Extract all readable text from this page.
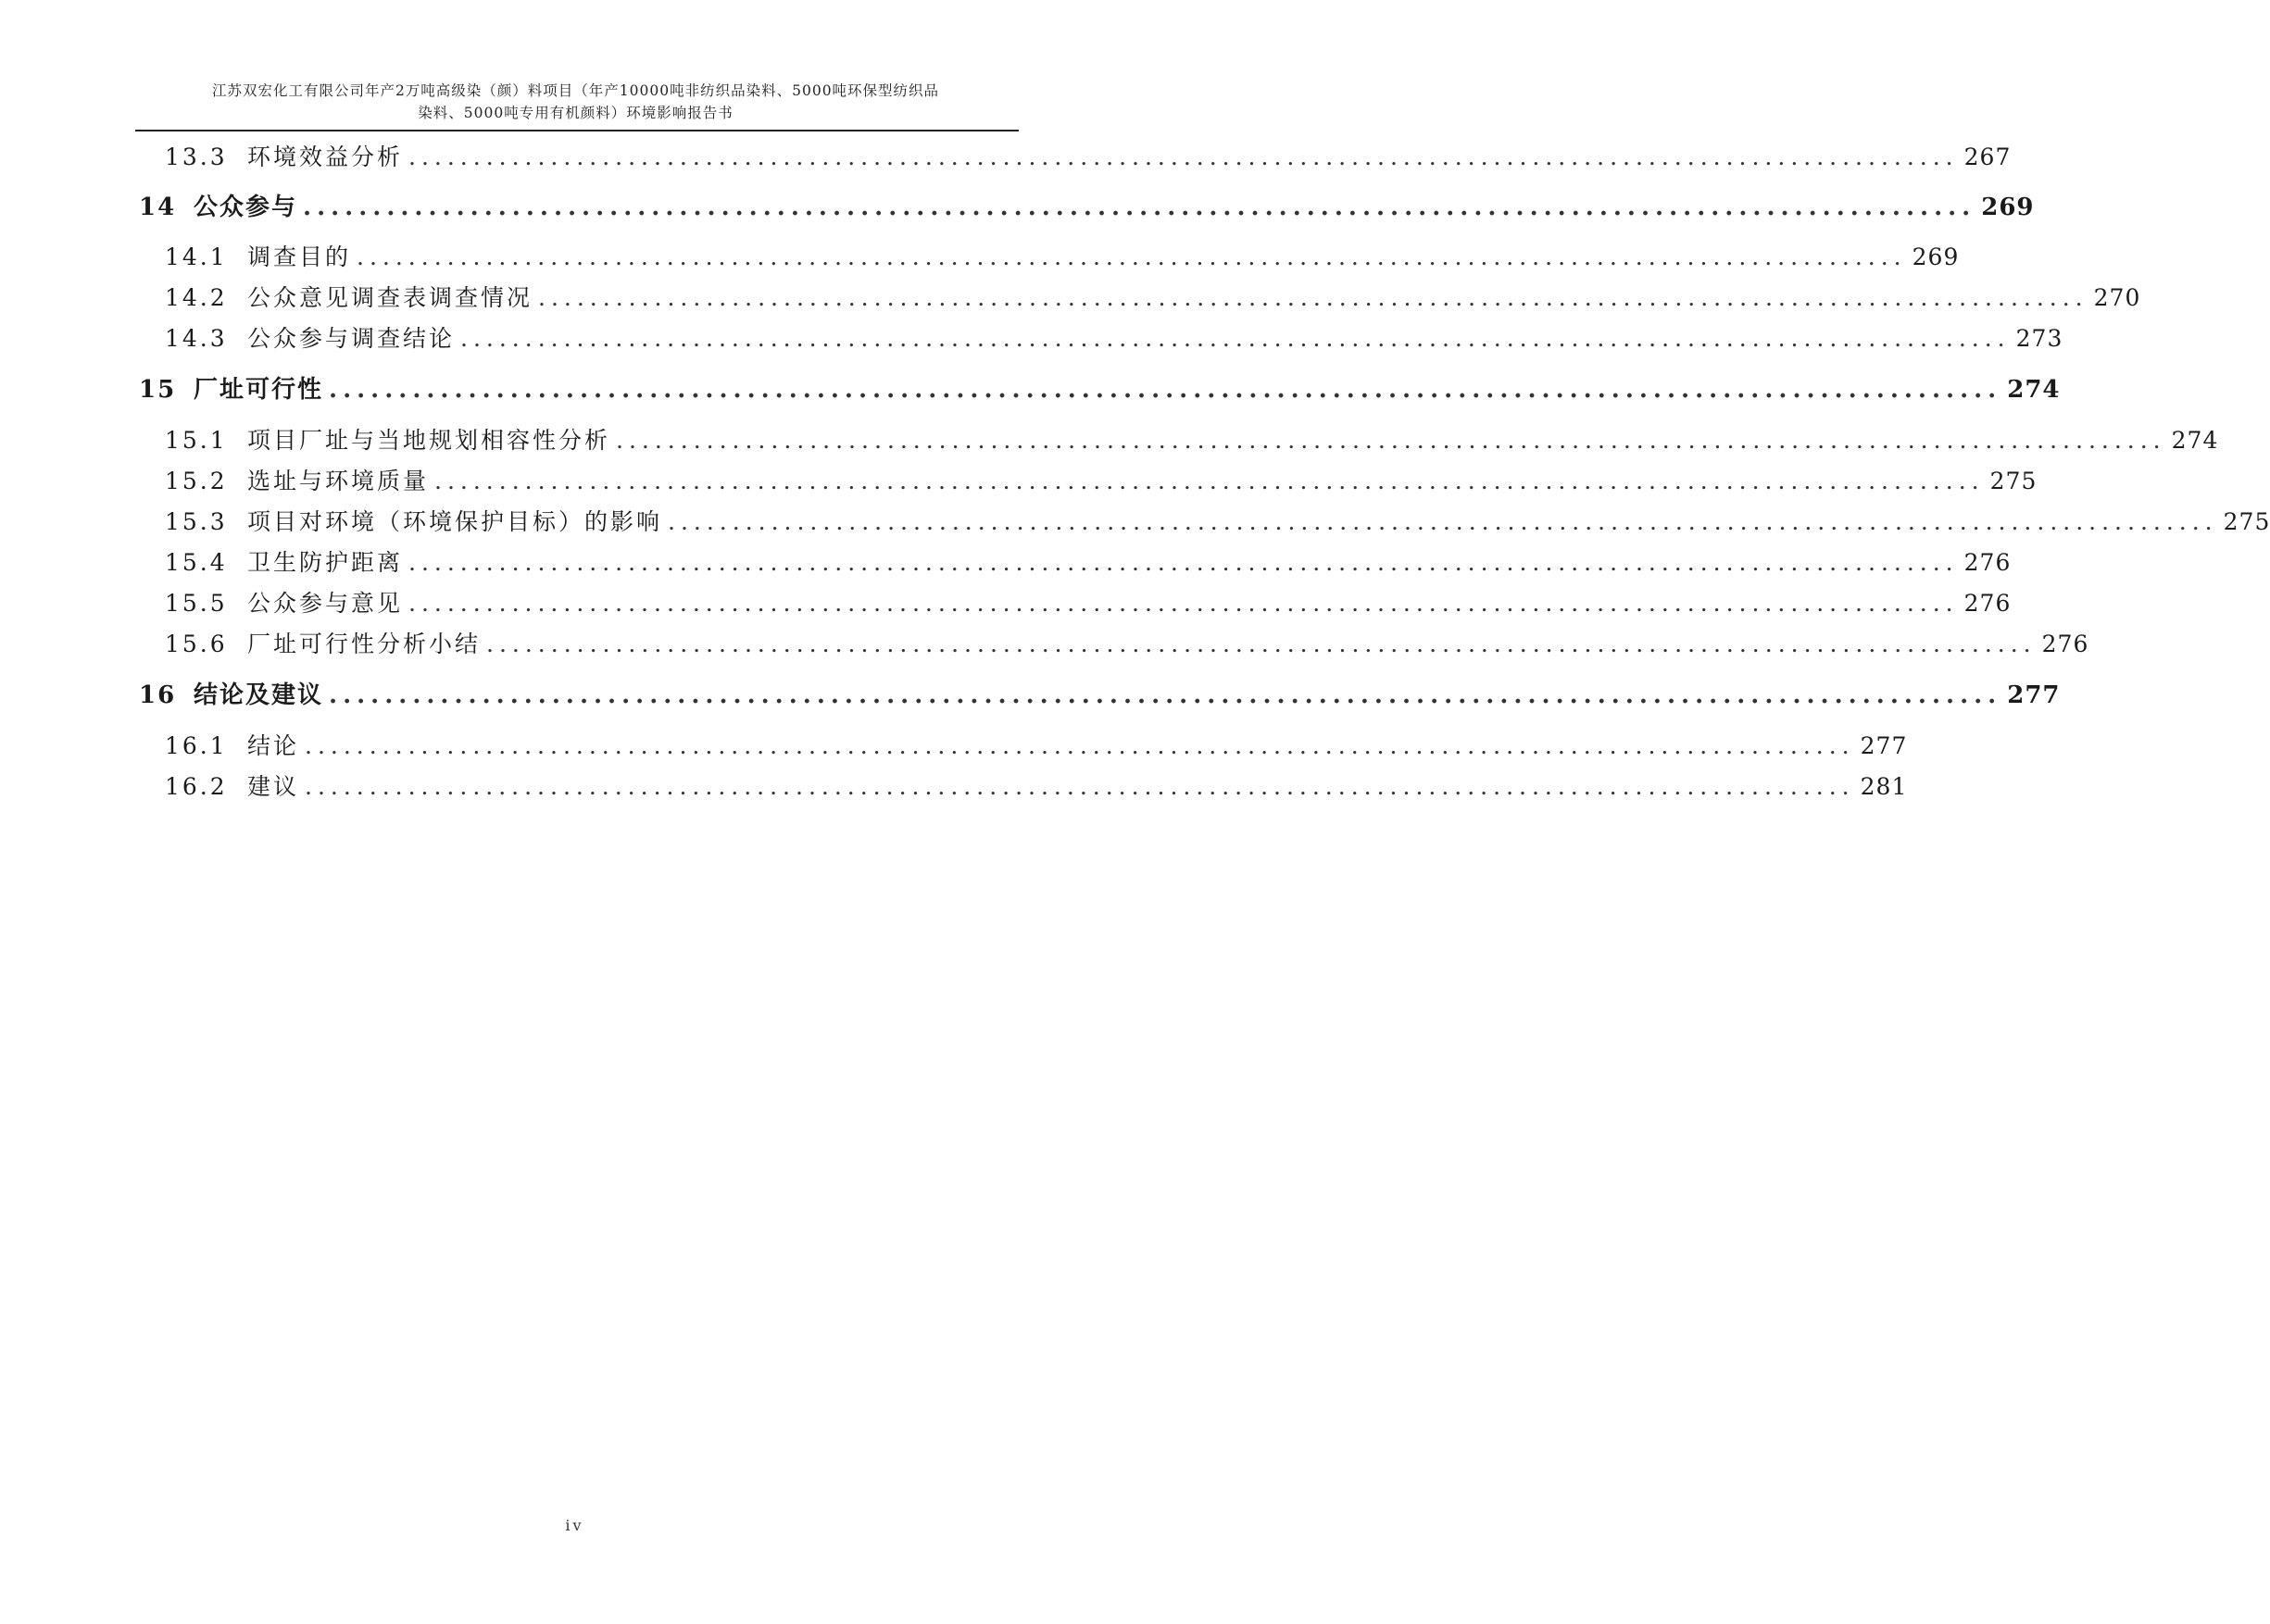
江苏双宏化工有限公司年产2万吨高级染（颜）料项目（年产10000吨非纺织品染料、5000吨环保型纺织品
染料、5000吨专用有机颜料）环境影响报告书
13.3 环境效益分析 ........................................................................................................................ 267
14 公众参与 ........................................................................................................................ 269
14.1 调查目的 ........................................................................................................................ 269
14.2 公众意见调查表调查情况 ........................................................................................................................ 270
14.3 公众参与调查结论 ........................................................................................................................ 273
15 厂址可行性 ........................................................................................................................ 274
15.1 项目厂址与当地规划相容性分析 ........................................................................................................................ 274
15.2 选址与环境质量 ........................................................................................................................ 275
15.3 项目对环境（环境保护目标）的影响 ........................................................................................................................ 275
15.4 卫生防护距离 ........................................................................................................................ 276
15.5 公众参与意见 ........................................................................................................................ 276
15.6 厂址可行性分析小结 ........................................................................................................................ 276
16 结论及建议 ........................................................................................................................ 277
16.1 结论 ........................................................................................................................ 277
16.2 建议 ........................................................................................................................ 281
iv
